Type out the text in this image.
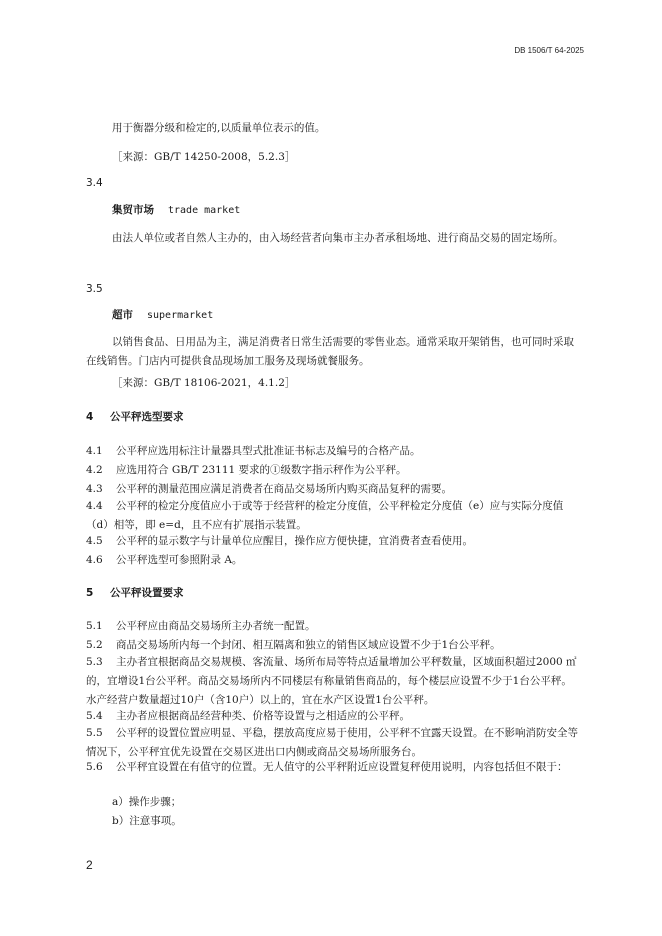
DB 1506/T 64-2025
用于衡器分级和检定的,以质量单位表示的值。
［来源：GB/T 14250-2008，5.2.3］
3.4
集贸市场 trade market
由法人单位或者自然人主办的，由入场经营者向集市主办者承租场地、进行商品交易的固定场所。
3.5
超市 supermarket
以销售食品、日用品为主，满足消费者日常生活需要的零售业态。通常采取开架销售，也可同时采取在线销售。门店内可提供食品现场加工服务及现场就餐服务。
［来源：GB/T 18106-2021，4.1.2］
4 公平秤选型要求
4.1 公平秤应选用标注计量器具型式批准证书标志及编号的合格产品。
4.2 应选用符合 GB/T 23111 要求的Ⓘ级数字指示秤作为公平秤。
4.3 公平秤的测量范围应满足消费者在商品交易场所内购买商品复秤的需要。
4.4 公平秤的检定分度值应小于或等于经营秤的检定分度值，公平秤检定分度值（e）应与实际分度值（d）相等，即 e=d，且不应有扩展指示装置。
4.5 公平秤的显示数字与计量单位应醒目，操作应方便快捷，宜消费者查看使用。
4.6 公平秤选型可参照附录 A。
5 公平秤设置要求
5.1 公平秤应由商品交易场所主办者统一配置。
5.2 商品交易场所内每一个封闭、相互隔离和独立的销售区域应设置不少于1台公平秤。
5.3 主办者宜根据商品交易规模、客流量、场所布局等特点适量增加公平秤数量，区域面积超过2000 ㎡的，宜增设1台公平秤。商品交易场所内不同楼层有称量销售商品的，每个楼层应设置不少于1台公平秤。水产经营户数量超过10户（含10户）以上的，宜在水产区设置1台公平秤。
5.4 主办者应根据商品经营种类、价格等设置与之相适应的公平秤。
5.5 公平秤的设置位置应明显、平稳，摆放高度应易于使用，公平秤不宜露天设置。在不影响消防安全等情况下，公平秤宜优先设置在交易区进出口内侧或商品交易场所服务台。
5.6 公平秤宜设置在有值守的位置。无人值守的公平秤附近应设置复秤使用说明，内容包括但不限于：
a）操作步骤；
b）注意事项。
2
